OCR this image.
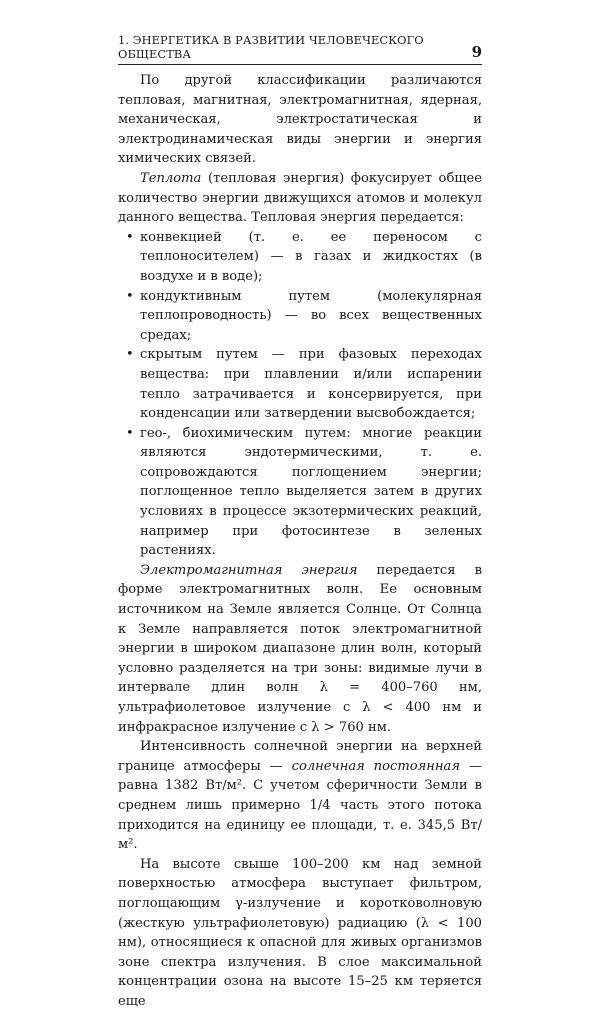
1. ЭНЕРГЕТИКА В РАЗВИТИИ ЧЕЛОВЕЧЕСКОГО ОБЩЕСТВА	9

По другой классификации различаются тепловая, магнитная, электромагнитная, ядерная, механическая, электростатическая и электродинамическая виды энергии и энергия химических связей.

Теплота (тепловая энергия) фокусирует общее количество энергии движущихся атомов и молекул данного вещества. Тепловая энергия передается:

• конвекцией (т. е. ее переносом с теплоносителем) — в газах и жидкостях (в воздухе и в воде);
• кондуктивным путем (молекулярная теплопроводность) — во всех вещественных средах;
• скрытым путем — при фазовых переходах вещества: при плавлении и/или испарении тепло затрачивается и консервируется, при конденсации или затвердении высвобождается;
• гео-, биохимическим путем: многие реакции являются эндотермическими, т. е. сопровождаются поглощением энергии; поглощенное тепло выделяется затем в других условиях в процессе экзотермических реакций, например при фотосинтезе в зеленых растениях.

Электромагнитная энергия передается в форме электромагнитных волн. Ее основным источником на Земле является Солнце. От Солнца к Земле направляется поток электромагнитной энергии в широком диапазоне длин волн, который условно разделяется на три зоны: видимые лучи в интервале длин волн λ = 400–760 нм, ультрафиолетовое излучение с λ < 400 нм и инфракрасное излучение с λ > 760 нм.

Интенсивность солнечной энергии на верхней границе атмосферы — солнечная постоянная — равна 1382 Вт/м². С учетом сферичности Земли в среднем лишь примерно 1/4 часть этого потока приходится на единицу ее площади, т. е. 345,5 Вт/м².

На высоте свыше 100–200 км над земной поверхностью атмосфера выступает фильтром, поглощающим γ-излучение и коротковолновую (жесткую ультрафиолетовую) радиацию (λ < 100 нм), относящиеся к опасной для живых организмов зоне спектра излучения. В слое максимальной концентрации озона на высоте 15–25 км теряется еще
